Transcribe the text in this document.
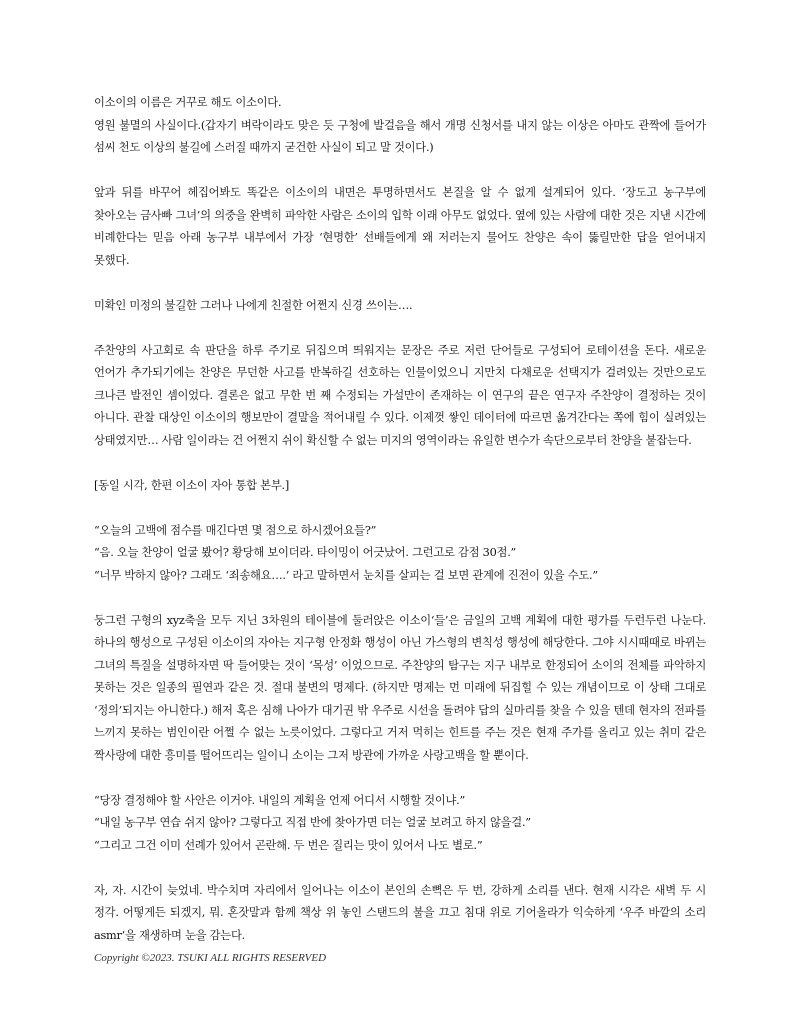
이소이의 이름은 거꾸로 해도 이소이다.

영원 불멸의 사실이다.(갑자기 벼락이라도 맞은 듯 구청에 발걸음을 해서 개명 신청서를 내지 않는 이상은 아마도 관짝에 들어가 섬씨 천도 이상의 불길에 스러질 때까지 굳건한 사실이 되고 말 것이다.)

앞과 뒤를 바꾸어 헤집어봐도 똑같은 이소이의 내면은 투명하면서도 본질을 알 수 없게 설계되어 있다. ‘장도고 농구부에 찾아오는 금사빠 그녀’의 의중을 완벽히 파악한 사람은 소이의 입학 이래 아무도 없었다. 옆에 있는 사람에 대한 것은 지낸 시간에 비례한다는 믿음 아래 농구부 내부에서 가장 ‘현명한’ 선배들에게 왜 저러는지 물어도 찬양은 속이 뚫릴만한 답을 얻어내지 못했다.

미확인 미정의 불길한 그러나 나에게 친절한 어쩐지 신경 쓰이는….

주찬양의 사고회로 속 판단을 하루 주기로 뒤집으며 띄워지는 문장은 주로 저런 단어들로 구성되어 로테이션을 돈다. 새로운 언어가 추가되기에는 찬양은 무던한 사고를 반복하길 선호하는 인물이었으니 지만치 다채로운 선택지가 걸려있는 것만으로도 크나큰 발전인 셈이었다. 결론은 없고 무한 번 째 수정되는 가설만이 존재하는 이 연구의 끝은 연구자 주찬양이 결정하는 것이 아니다. 관찰 대상인 이소이의 행보만이 결말을 적어내릴 수 있다. 이제껏 쌓인 데이터에 따르면 옮겨간다는 쪽에 힘이 실려있는 상태였지만… 사람 일이라는 건 어쩐지 쉬이 확신할 수 없는 미지의 영역이라는 유일한 변수가 속단으로부터 찬양을 붙잡는다.

[동일 시각, 한편 이소이 자아 통합 본부.]

“오늘의 고백에 점수를 매긴다면 몇 점으로 하시겠어요들?”

“음. 오늘 찬양이 얼굴 봤어? 황당해 보이더라. 타이밍이 어긋났어. 그런고로 감점 30점.”

“너무 박하지 않아? 그래도 ‘죄송해요….’ 라고 말하면서 눈치를 살피는 걸 보면 관계에 진전이 있을 수도.”

둥그런 구형의 xyz축을 모두 지닌 3차원의 테이블에 둘러앉은 이소이‘들’은 금일의 고백 계획에 대한 평가를 두런두런 나눈다. 하나의 행성으로 구성된 이소이의 자아는 지구형 안정화 행성이 아닌 가스형의 변칙성 행성에 해당한다. 그야 시시때때로 바뀌는 그녀의 특질을 설명하자면 딱 들어맞는 것이 ‘목성’ 이었으므로. 주찬양의 탐구는 지구 내부로 한정되어 소이의 전체를 파악하지 못하는 것은 일종의 필연과 같은 것. 절대 불변의 명제다. (하지만 명제는 먼 미래에 뒤집힐 수 있는 개념이므로 이 상태 그대로 ‘정의’되지는 아니한다.) 해저 혹은 심해 나아가 대기권 밖 우주로 시선을 돌려야 답의 실마리를 찾을 수 있을 텐데 현자의 전파를 느끼지 못하는 범인이란 어쩔 수 없는 노릇이었다. 그렇다고 거저 먹히는 힌트를 주는 것은 현재 주가를 올리고 있는 취미 같은 짝사랑에 대한 흥미를 떨어뜨리는 일이니 소이는 그저 방관에 가까운 사랑고백을 할 뿐이다.

“당장 결정해야 할 사안은 이거야. 내일의 계획을 언제 어디서 시행할 것이냐.”

“내일 농구부 연습 쉬지 않아? 그렇다고 직접 반에 찾아가면 더는 얼굴 보려고 하지 않을걸.”

“그리고 그건 이미 선례가 있어서 곤란해. 두 번은 질리는 맛이 있어서 나도 별로.”

자, 자. 시간이 늦었네. 박수치며 자리에서 일어나는 이소이 본인의 손뼉은 두 번, 강하게 소리를 낸다. 현재 시각은 새벽 두 시 정각. 어떻게든 되겠지, 뭐. 혼잣말과 함께 책상 위 놓인 스탠드의 불을 끄고 침대 위로 기어올라가 익숙하게 ‘우주 바깥의 소리 asmr’을 재생하며 눈을 감는다.

Copyright ©2023. TSUKI ALL RIGHTS RESERVED
